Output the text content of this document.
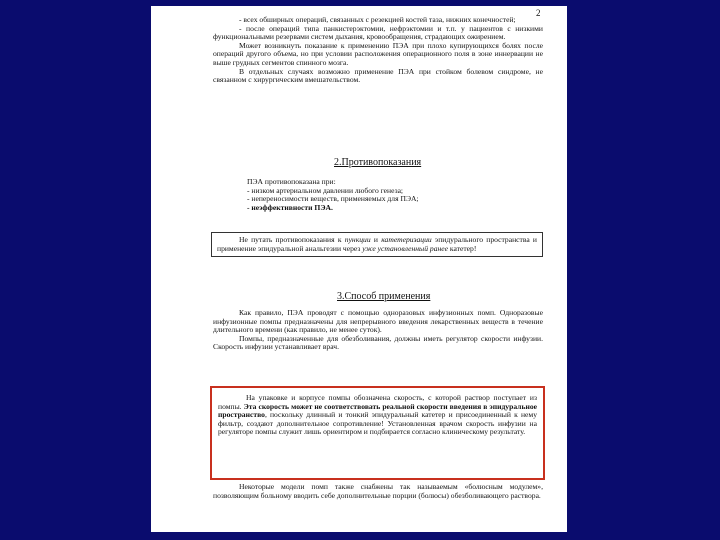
2

- всех обширных операций, связанных с резекцией костей таза, нижних конечностей;

- после операций типа панкистерэктомии, нефрэктомии и т.п. у пациентов с низкими функциональными резервами систем дыхания, кровообращения, страдающих ожирением.

Может возникнуть показание к применению ПЭА при плохо купирующихся болях после операций другого объема, но при условии расположения операционного поля в зоне иннервации не выше грудных сегментов спинного мозга.

В отдельных случаях возможно применение ПЭА при стойком болевом синдроме, не связанном с хирургическим вмешательством.

2.Противопоказания

ПЭА противопоказана при:

- низком артериальном давлении любого генеза;

- непереносимости веществ, применяемых для ПЭА;

- неэффективности ПЭА.

Не путать противопоказания к пункции и катетеризации эпидурального пространства и применение эпидуральной анальгезии через уже установленный ранее катетер!

3.Способ применения

Как правило, ПЭА проводят с помощью одноразовых инфузионных помп. Одноразовые инфузионные помпы предназначены для непрерывного введения лекарственных веществ в течение длительного времени (как правило, не менее суток).

Помпы, предназначенные для обезболивания, должны иметь регулятор скорости инфузии. Скорость инфузии устанавливает врач.

На упаковке и корпусе помпы обозначена скорость, с которой раствор поступает из помпы. Эта скорость может не соответствовать реальной скорости введения в эпидуральное пространство, поскольку длинный и тонкий эпидуральный катетер и присоединенный к нему фильтр, создают дополнительное сопротивление! Установленная врачом скорость инфузии на регуляторе помпы служит лишь ориентиром и подбирается согласно клиническому результату.

Некоторые модели помп также снабжены так называемым «болюсным модулем», позволяющим больному вводить себе дополнительные порции (болюсы) обезболивающего раствора.
